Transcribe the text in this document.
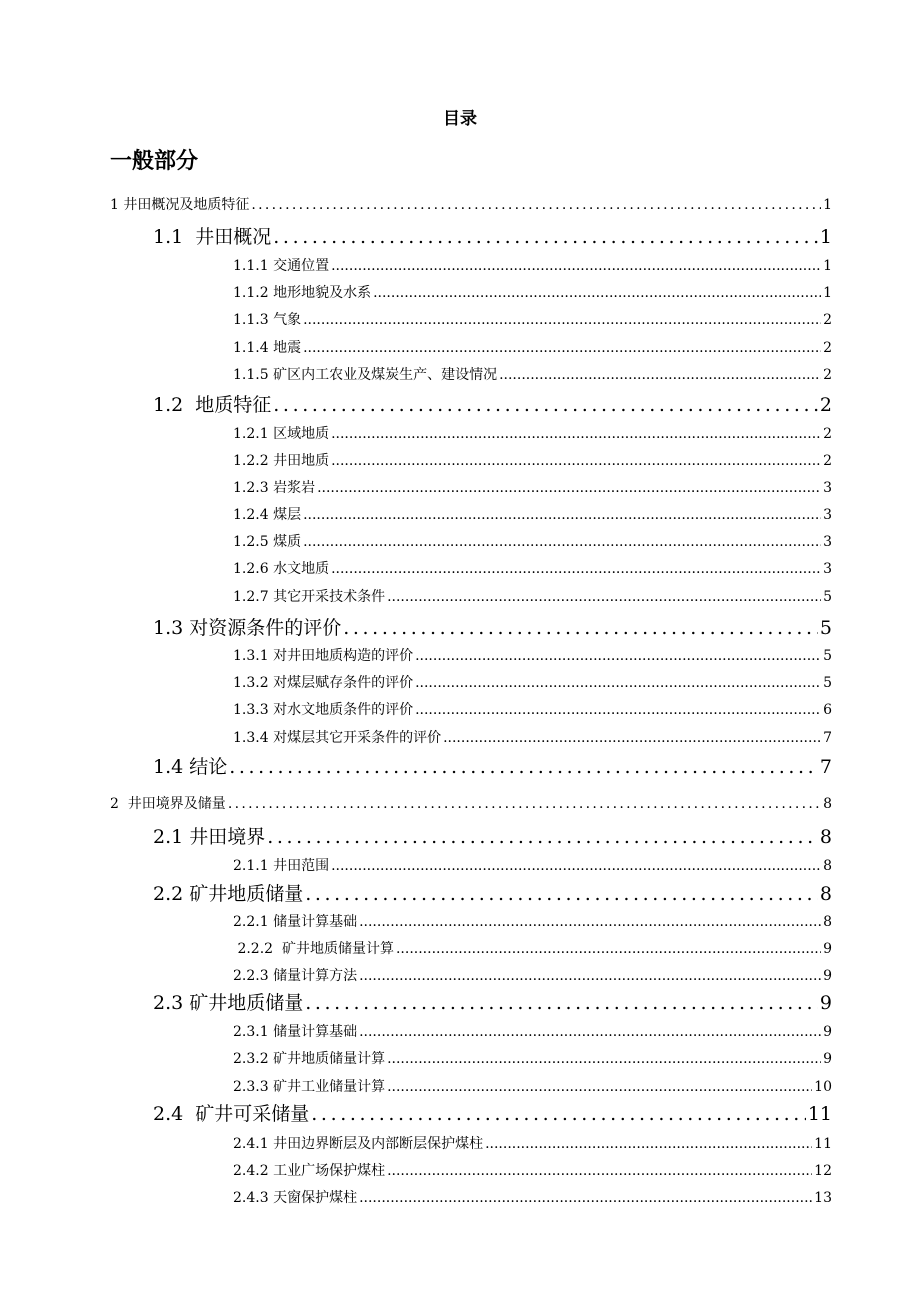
目录
一般部分
1 井田概况及地质特征 .....	1
1.1  井田概况 .....	1
1.1.1 交通位置 .....	1
1.1.2 地形地貌及水系 .....	1
1.1.3 气象 .....	2
1.1.4 地震 .....	2
1.1.5 矿区内工农业及煤炭生产、建设情况 .....	2
1.2  地质特征 .....	2
1.2.1 区域地质 .....	2
1.2.2 井田地质 .....	2
1.2.3 岩浆岩 .....	3
1.2.4 煤层 .....	3
1.2.5 煤质 .....	3
1.2.6 水文地质 .....	3
1.2.7 其它开采技术条件 .....	5
1.3 对资源条件的评价 .....	5
1.3.1 对井田地质构造的评价 .....	5
1.3.2 对煤层赋存条件的评价 .....	5
1.3.3 对水文地质条件的评价 .....	6
1.3.4 对煤层其它开采条件的评价 .....	7
1.4 结论 .....	7
2  井田境界及储量 .....	8
2.1 井田境界 .....	8
2.1.1 井田范围 .....	8
2.2 矿井地质储量 .....	8
2.2.1 储量计算基础 .....	8
2.2.2  矿井地质储量计算 .....	9
2.2.3 储量计算方法 .....	9
2.3 矿井地质储量 .....	9
2.3.1 储量计算基础 .....	9
2.3.2 矿井地质储量计算 .....	9
2.3.3 矿井工业储量计算 .....	10
2.4  矿井可采储量 .....	11
2.4.1 井田边界断层及内部断层保护煤柱 .....	11
2.4.2 工业广场保护煤柱 .....	12
2.4.3 天窗保护煤柱 .....	13
